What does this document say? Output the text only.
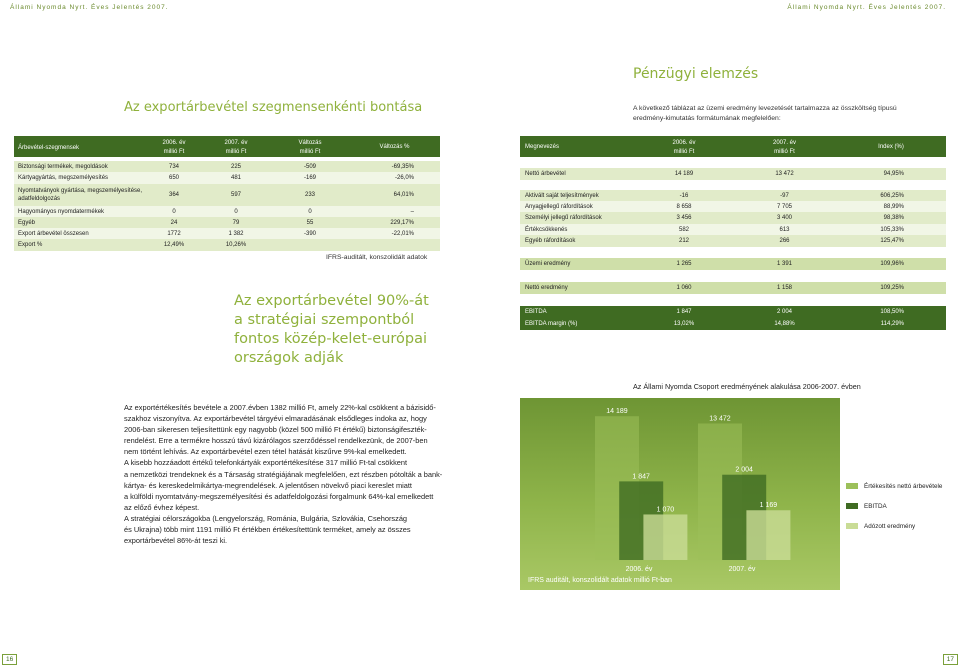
Állami Nyomda Nyrt. Éves Jelentés 2007.	Állami Nyomda Nyrt. Éves Jelentés 2007.
Pénzügyi elemzés
Az exportárbevétel szegmensenkénti bontása	A következő táblázat az üzemi eredmény levezetését tartalmazza az összköltség típusú
eredmény-kimutatás formátumának megfelelően:
Árbevétel-szegmensek	2006. év	2007. év	Változás	Változás %
	millió Ft	millió Ft	millió Ft	

Biztonsági termékek, megoldások	734	225	-509	-69,35%
Kártyagyártás, megszemélyesítés	650	481	-169	-26,0%
Nyomtatványok gyártása, megszemélyesítése, adatfeldolgozás	364	597	233	64,01%
Hagyományos nyomdatermékek	0	0	0	–
Egyéb	24	79	55	229,17%
Export árbevétel összesen	1772	1 382	-390	-22,01%
Export %	12,49%	10,26%		
IFRS-auditált, konszolidált adatok
Az exportárbevétel 90%-át
a stratégiai szempontból
fontos közép-kelet-európai
országok adják
Az exportértékesítés bevétele a 2007.évben 1382 millió Ft, amely 22%-kal csökkent a bázisidő-
szakhoz viszonyítva. Az exportárbevétel tárgyévi elmaradásának elsődleges indoka az, hogy
2006-ban sikeresen teljesítettünk egy nagyobb (közel 500 millió Ft értékű) biztonságifeszték-
rendelést. Erre a termékre hosszú távú kizárólagos szerződéssel rendelkezünk, de 2007-ben
nem történt lehívás. Az exportárbevétel ezen tétel hatását kiszűrve 9%-kal emelkedett.
A kisebb hozzáadott értékű telefonkártyák exportértékesítése 317 millió Ft-tal csökkent
a nemzetközi trendeknek és a Társaság stratégiájának megfelelően, ezt részben pótolták a bank-
kártya- és kereskedelmikártya-megrendelések. A jelentősen növekvő piaci kereslet miatt
a külföldi nyomtatvány-megszemélyesítési és adatfeldolgozási forgalmunk 64%-kal emelkedett
az előző évhez képest.
A stratégiai célországokba (Lengyelország, Románia, Bulgária, Szlovákia, Csehország
és Ukrajna) több mint 1191 millió Ft értékben értékesítettünk terméket, amely az összes
exportárbevétel 86%-át teszi ki.
Megnevezés	2006. év	2007. év	Index (%)
	millió Ft	millió Ft	

Nettó árbevétel	14 189	13 472	94,95%

Aktivált saját teljesítmények	-16	-97	606,25%
Anyagjellegű ráfordítások	8 658	7 705	88,99%
Személyi jellegű ráfordítások	3 456	3 400	98,38%
Értékcsökkenés	582	613	105,33%
Egyéb ráfordítások	212	266	125,47%

Üzemi eredmény	1 265	1 391	109,96%

Nettó eredmény	1 060	1 158	109,25%

EBITDA	1 847	2 004	108,50%
EBITDA margin (%)	13,02%	14,88%	114,29%
Az Állami Nyomda Csoport eredményének alakulása 2006-2007. évben
14 189
1 847
1 070
2006. év
13 472
2 004
1 169
2007. év
IFRS auditált, konszolidált adatok millió Ft-ban
Értékesítés nettó árbevétele
EBITDA
Adózott eredmény
16	17
